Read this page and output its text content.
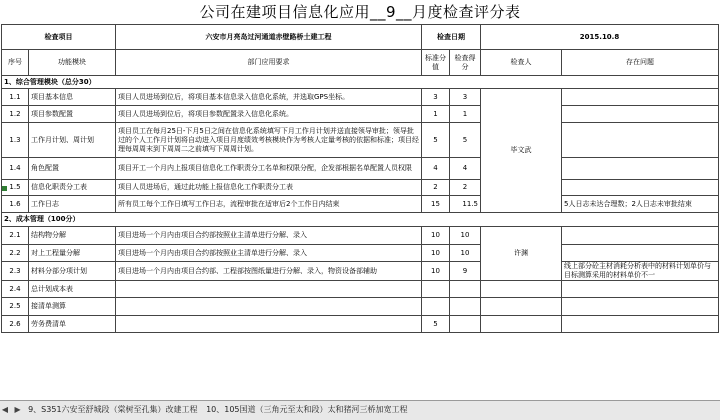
公司在建项目信息化应用__9__月度检查评分表
检查项目		六安市月亮岛过河通道赤壁路桥土建工程	检查日期		2015.10.8	
序号	功能模块	部门应用要求	标准分值	检查得分	检查人	存在问题
1、综合管理模块（总分30）						
1.1	项目基本信息	项目人员进场到位后，将项目基本信息录入信息化系统，并选取GPS坐标。	3	3	毕文武	
1.2	项目参数配置	项目人员进场到位后，将项目参数配置录入信息化系统。	1	1		
1.3	工作月计划、周计划	项目员工在每月25日-下月5日之间在信息化系统填写下月工作月计划并送直接领导审批；领导批过的个人工作月计划将自动进入项目月度绩效考核模块作为考核人定量考核的依据和标准；项目经理每周周末到下周周二之前填写下周周计划。	5	5		
1.4	角色配置	项目开工一个月内上报项目信息化工作职责分工名单和权限分配，企发部根据名单配置人员权限	4	4		
1.5	信息化职责分工表	项目人员进场后，通过此功能上报信息化工作职责分工表	2	2		
1.6	工作日志	所有员工每个工作日填写工作日志，流程审批在适审后2个工作日内结束	15	11.5		5人日志未达合理数；2人日志未审批结束
2、成本管理（100分）						
2.1	结构物分解	项目进场一个月内由项目合约部按照业主清单进行分解、录入	10	10	许渊	
2.2	对上工程量分解	项目进场一个月内由项目合约部按照业主清单进行分解、录入	10	10		
2.3	材料分部分项计划	项目进场一个月内由项目合约部、工程部按图纸量进行分解、录入，物资设备部辅助	10	9		线上部分砼主材消耗分析表中的材料计划单价与目标测算采用的材料单价不一
2.4	总计划成本表					
2.5	接清单测算					
2.6	劳务费清单		5			
◀ ▶ 9、S351六安至舒城段（棠树至孔集）改建工程 10、105国道（三角元至太和段）太和猪河三桥加宽工程
